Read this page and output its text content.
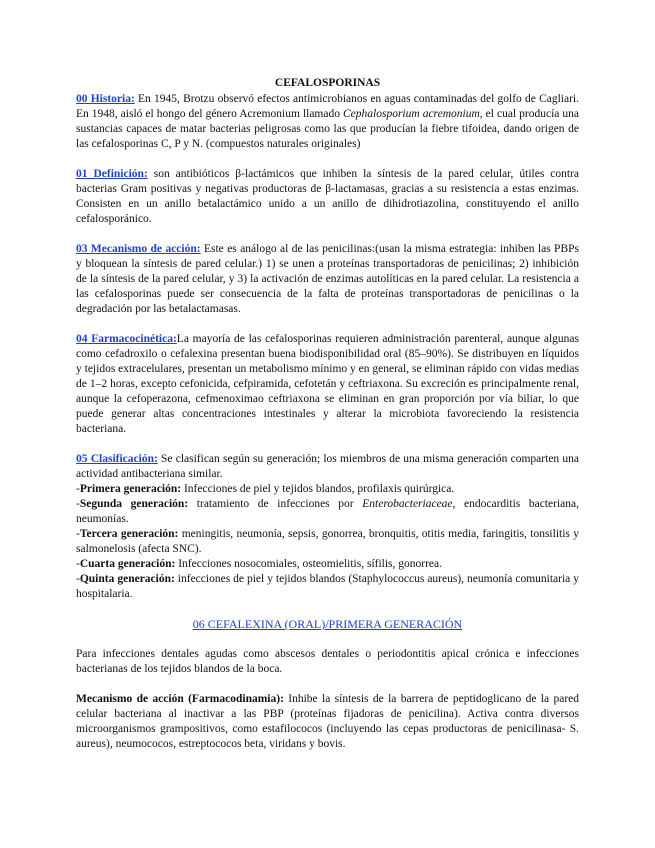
CEFALOSPORINAS

00 Historia: En 1945, Brotzu observó efectos antimicrobianos en aguas contaminadas del golfo de Cagliari. En 1948, aisló el hongo del género Acremonium llamado Cephalosporium acremonium, el cual producía una sustancias capaces de matar bacterias peligrosas como las que producían la fiebre tifoidea, dando origen de las cefalosporinas C, P y N. (compuestos naturales originales)

01 Definición: son antibióticos β-lactámicos que inhiben la síntesis de la pared celular, útiles contra bacterias Gram positivas y negativas productoras de β-lactamasas, gracias a su resistencia a estas enzimas. Consisten en un anillo betalactámico unido a un anillo de dihidrotiazolina, constituyendo el anillo cefalosporánico.

03 Mecanismo de acción: Este es análogo al de las penicilinas:(usan la misma estrategia: inhiben las PBPs y bloquean la síntesis de pared celular.) 1) se unen a proteínas transportadoras de penicilinas; 2) inhibición de la síntesis de la pared celular, y 3) la activación de enzimas autolíticas en la pared celular. La resistencia a las cefalosporinas puede ser consecuencia de la falta de proteínas transportadoras de penicilinas o la degradación por las betalactamasas.

04 Farmacocinética:La mayoría de las cefalosporinas requieren administración parenteral, aunque algunas como cefadroxilo o cefalexina presentan buena biodisponibilidad oral (85–90%). Se distribuyen en líquidos y tejidos extracelulares, presentan un metabolismo mínimo y en general, se eliminan rápido con vidas medias de 1–2 horas, excepto cefonicida, cefpiramida, cefotetán y ceftriaxona. Su excreción es principalmente renal, aunque la cefoperazona, cefmenoximao ceftriaxona se eliminan en gran proporción por vía biliar, lo que puede generar altas concentraciones intestinales y alterar la microbiota favoreciendo la resistencia bacteriana.

05 Clasificación: Se clasifican según su generación; los miembros de una misma generación comparten una actividad antibacteriana similar.

-Primera generación: Infecciones de piel y tejidos blandos, profilaxis quirúrgica.

-Segunda generación: tratamiento de infecciones por Enterobacteriaceae, endocarditis bacteriana, neumonías.

-Tercera generación: meningitis, neumonía, sepsis, gonorrea, bronquitis, otitis media, faringitis, tonsilitis y salmonelosis (afecta SNC).

-Cuarta generación: Infecciones nosocomiales, osteomielitis, sífilis, gonorrea.

-Quinta generación: infecciones de piel y tejidos blandos (Staphylococcus aureus), neumonía comunitaria y hospitalaria.

06 CEFALEXINA (ORAL)/PRIMERA GENERACIÓN

Para infecciones dentales agudas como abscesos dentales o periodontitis apical crónica e infecciones bacterianas de los tejidos blandos de la boca.

Mecanismo de acción (Farmacodinamia): Inhibe la síntesis de la barrera de peptidoglicano de la pared celular bacteriana al inactivar a las PBP (proteínas fijadoras de penicilina). Activa contra diversos microorganismos grampositivos, como estafilococos (incluyendo las cepas productoras de penicilinasa- S. aureus), neumococos, estreptococos beta, viridans y bovis.
